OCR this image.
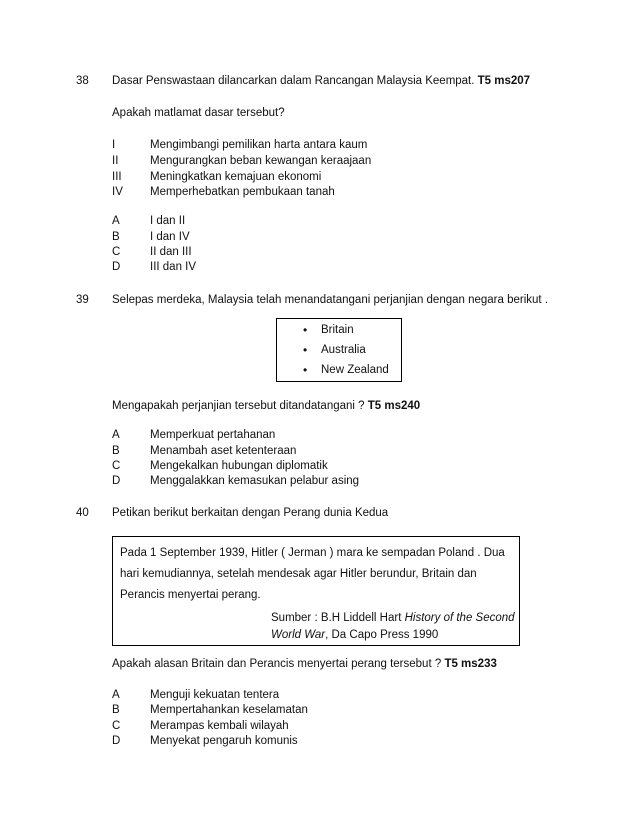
38 Dasar Penswastaan dilancarkan dalam Rancangan Malaysia Keempat. T5 ms207
Apakah matlamat dasar tersebut?
I	Mengimbangi pemilikan harta antara kaum
II	Mengurangkan beban kewangan keraajaan
III Meningkatkan kemajuan ekonomi
IV Memperhebatkan pembukaan tanah
A	I dan II
B	I dan IV
C	II dan III
D	III dan IV
39 Selepas merdeka, Malaysia telah menandatangani perjanjian dengan negara berikut .
• Britain
• Australia
• New Zealand
Mengapakah perjanjian tersebut ditandatangani ? T5 ms240
A	Memperkuat pertahanan
B	Menambah aset ketenteraan
C	Mengekalkan hubungan diplomatik
D	Menggalakkan kemasukan pelabur asing
40 Petikan berikut berkaitan dengan Perang dunia Kedua
Pada 1 September 1939, Hitler ( Jerman ) mara ke sempadan Poland . Dua
hari kemudiannya, setelah mendesak agar Hitler berundur, Britain dan
Perancis menyertai perang.
Sumber : B.H Liddell Hart History of the Second
World War, Da Capo Press 1990
Apakah alasan Britain dan Perancis menyertai perang tersebut ? T5 ms233
A	Menguji kekuatan tentera
B	Mempertahankan keselamatan
C	Merampas kembali wilayah
D	Menyekat pengaruh komunis
